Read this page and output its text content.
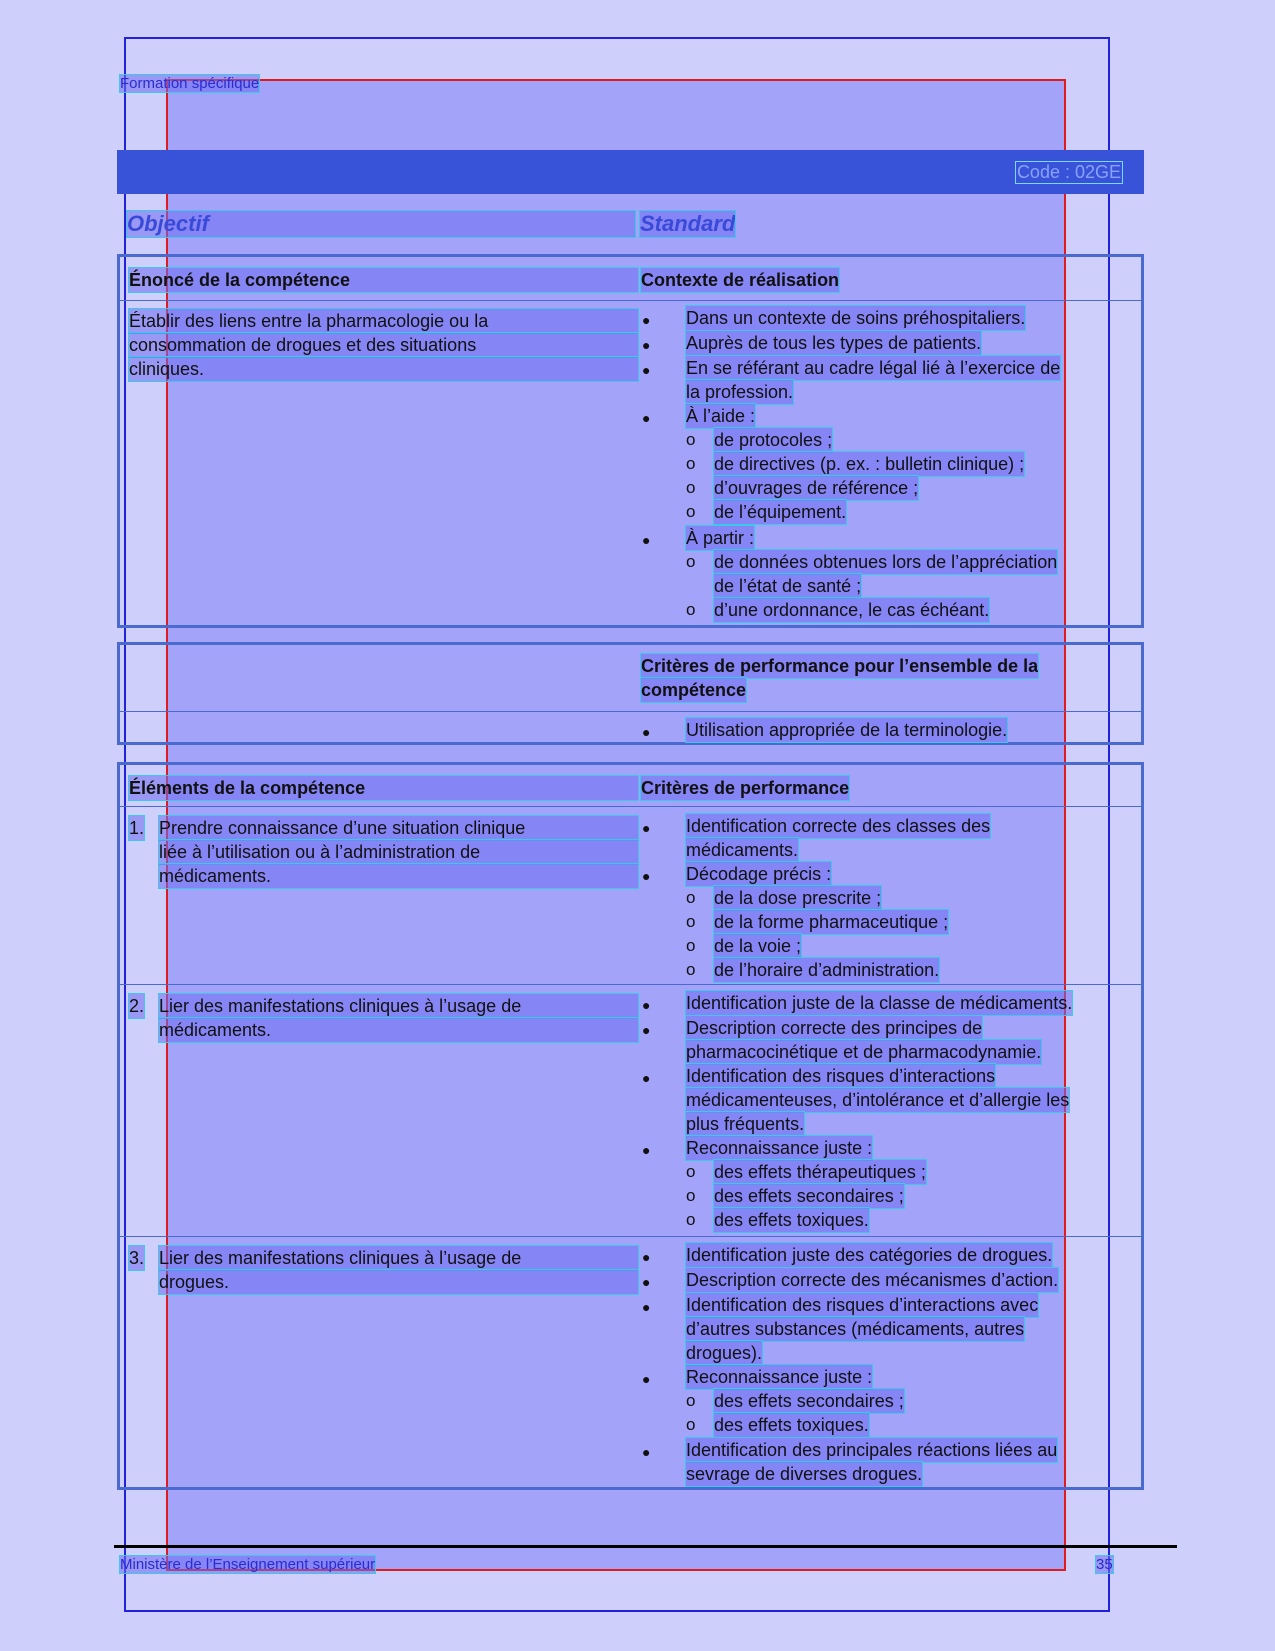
Formation spécifique
Code : 02GE
Objectif	Standard
Énoncé de la compétence	Contexte de réalisation
Établir des liens entre la pharmacologie ou la
consommation de drogues et des situations
cliniques.
● Dans un contexte de soins préhospitaliers.
● Auprès de tous les types de patients.
● En se référant au cadre légal lié à l’exercice de
la profession.
● À l’aide :
o de protocoles ;
o de directives (p. ex. : bulletin clinique) ;
o d’ouvrages de référence ;
o de l’équipement.
● À partir :
o de données obtenues lors de l’appréciation
de l’état de santé ;
o d’une ordonnance, le cas échéant.
Critères de performance pour l’ensemble de la
compétence
● Utilisation appropriée de la terminologie.
Éléments de la compétence	Critères de performance
1. Prendre connaissance d’une situation clinique
liée à l’utilisation ou à l’administration de
médicaments.
● Identification correcte des classes des
médicaments.
● Décodage précis :
o de la dose prescrite ;
o de la forme pharmaceutique ;
o de la voie ;
o de l’horaire d’administration.
2. Lier des manifestations cliniques à l’usage de
médicaments.
● Identification juste de la classe de médicaments.
● Description correcte des principes de
pharmacocinétique et de pharmacodynamie.
● Identification des risques d’interactions
médicamenteuses, d’intolérance et d’allergie les
plus fréquents.
● Reconnaissance juste :
o des effets thérapeutiques ;
o des effets secondaires ;
o des effets toxiques.
3. Lier des manifestations cliniques à l’usage de
drogues.
● Identification juste des catégories de drogues.
● Description correcte des mécanismes d’action.
● Identification des risques d’interactions avec
d’autres substances (médicaments, autres
drogues).
● Reconnaissance juste :
o des effets secondaires ;
o des effets toxiques.
● Identification des principales réactions liées au
sevrage de diverses drogues.
Ministère de l’Enseignement supérieur	35
